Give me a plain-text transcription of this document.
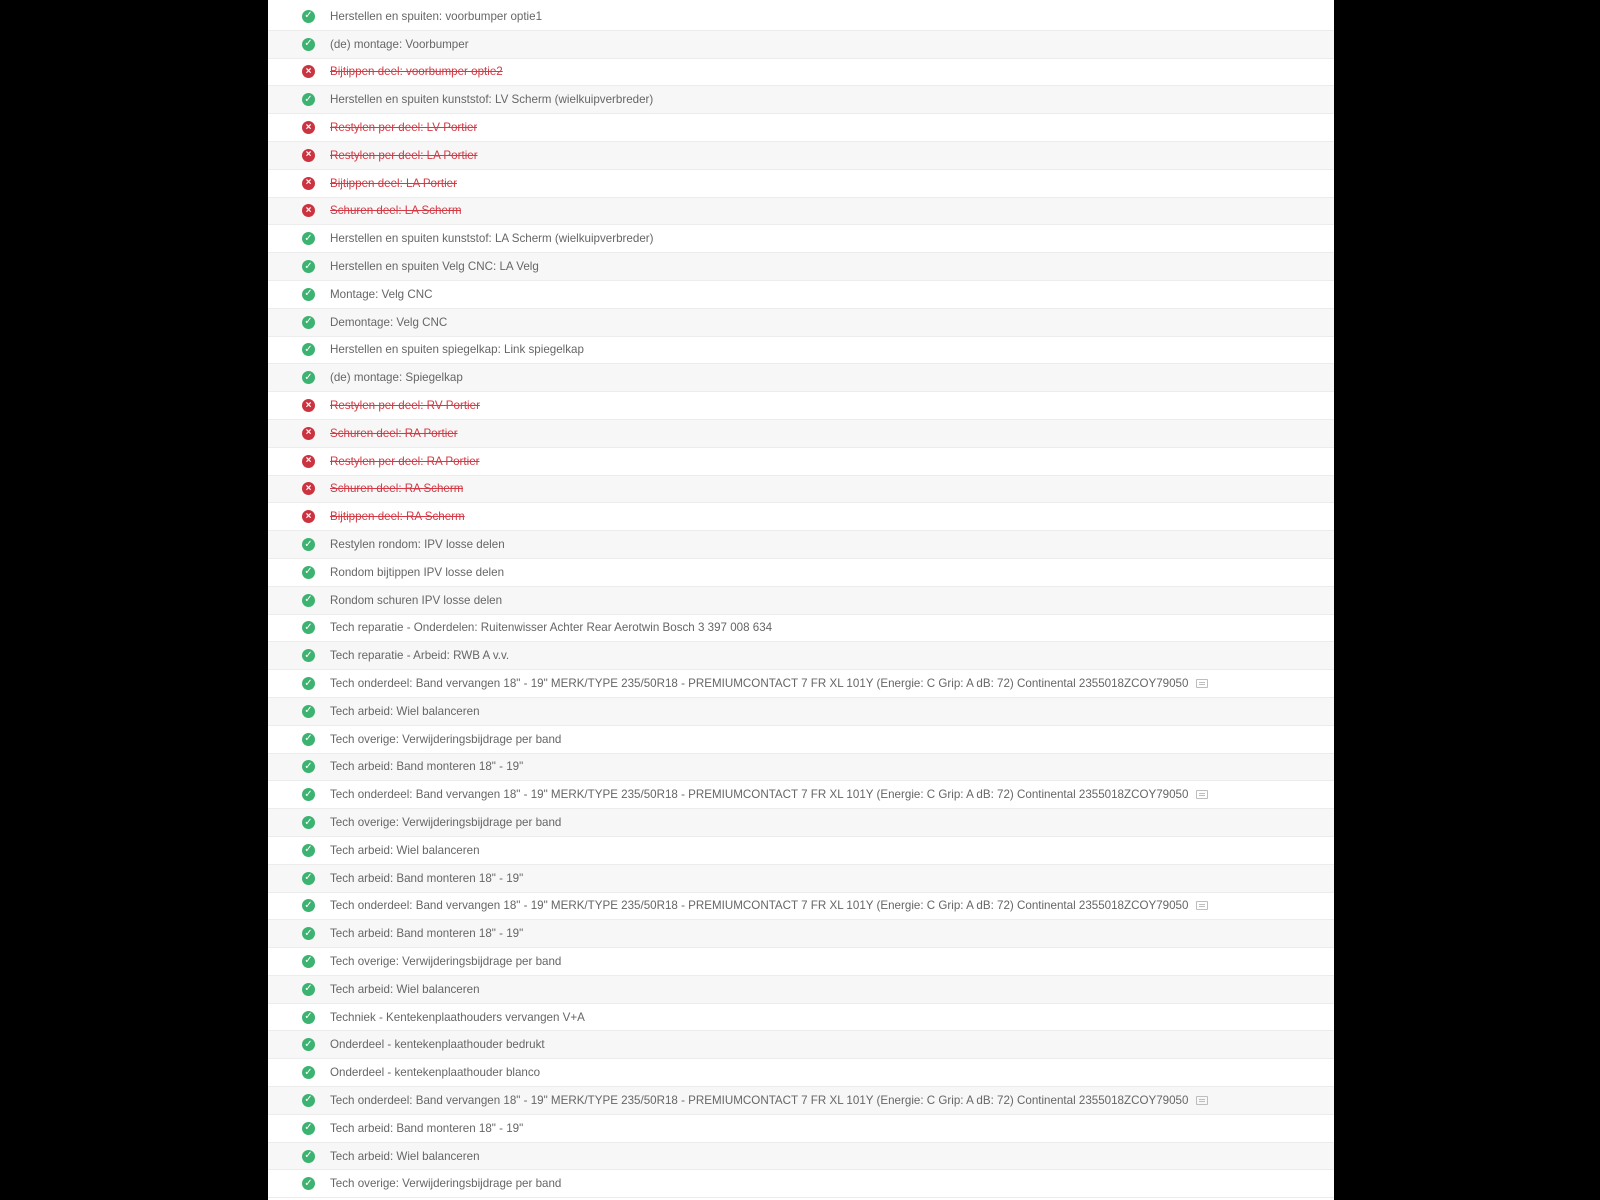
✓ Herstellen en spuiten: voorbumper optie1
✓ (de) montage: Voorbumper
×	Bijtippen deel: voorbumper optie2
✓ Herstellen en spuiten kunststof: LV Scherm (wielkuipverbreder)
×	Restylen per deel: LV Portier
×	Restylen per deel: LA Portier
×	Bijtippen deel: LA Portier
×	Schuren deel: LA Scherm
✓ Herstellen en spuiten kunststof: LA Scherm (wielkuipverbreder)
✓ Herstellen en spuiten Velg CNC: LA Velg
✓ Montage: Velg CNC
✓ Demontage: Velg CNC
✓ Herstellen en spuiten spiegelkap: Link spiegelkap
✓ (de) montage: Spiegelkap
×	Restylen per deel: RV Portier
×	Schuren deel: RA Portier
×	Restylen per deel: RA Portier
×	Schuren deel: RA Scherm
×	Bijtippen deel: RA Scherm
✓ Restylen rondom: IPV losse delen
✓ Rondom bijtippen IPV losse delen
✓ Rondom schuren IPV losse delen
✓ Tech reparatie - Onderdelen: Ruitenwisser Achter Rear Aerotwin Bosch 3 397 008 634
✓ Tech reparatie - Arbeid: RWB A v.v.
✓ Tech onderdeel: Band vervangen 18" - 19" MERK/TYPE 235/50R18 - PREMIUMCONTACT 7 FR XL 101Y (Energie: C Grip: A dB: 72) Continental 2355018ZCOY79050
✓ Tech arbeid: Wiel balanceren
✓ Tech overige: Verwijderingsbijdrage per band
✓ Tech arbeid: Band monteren 18" - 19"
✓ Tech onderdeel: Band vervangen 18" - 19" MERK/TYPE 235/50R18 - PREMIUMCONTACT 7 FR XL 101Y (Energie: C Grip: A dB: 72) Continental 2355018ZCOY79050
✓ Tech overige: Verwijderingsbijdrage per band
✓ Tech arbeid: Wiel balanceren
✓ Tech arbeid: Band monteren 18" - 19"
✓ Tech onderdeel: Band vervangen 18" - 19" MERK/TYPE 235/50R18 - PREMIUMCONTACT 7 FR XL 101Y (Energie: C Grip: A dB: 72) Continental 2355018ZCOY79050
✓ Tech arbeid: Band monteren 18" - 19"
✓ Tech overige: Verwijderingsbijdrage per band
✓ Tech arbeid: Wiel balanceren
✓ Techniek - Kentekenplaathouders vervangen V+A
✓ Onderdeel - kentekenplaathouder bedrukt
✓ Onderdeel - kentekenplaathouder blanco
✓ Tech onderdeel: Band vervangen 18" - 19" MERK/TYPE 235/50R18 - PREMIUMCONTACT 7 FR XL 101Y (Energie: C Grip: A dB: 72) Continental 2355018ZCOY79050
✓ Tech arbeid: Band monteren 18" - 19"
✓ Tech arbeid: Wiel balanceren
✓ Tech overige: Verwijderingsbijdrage per band
